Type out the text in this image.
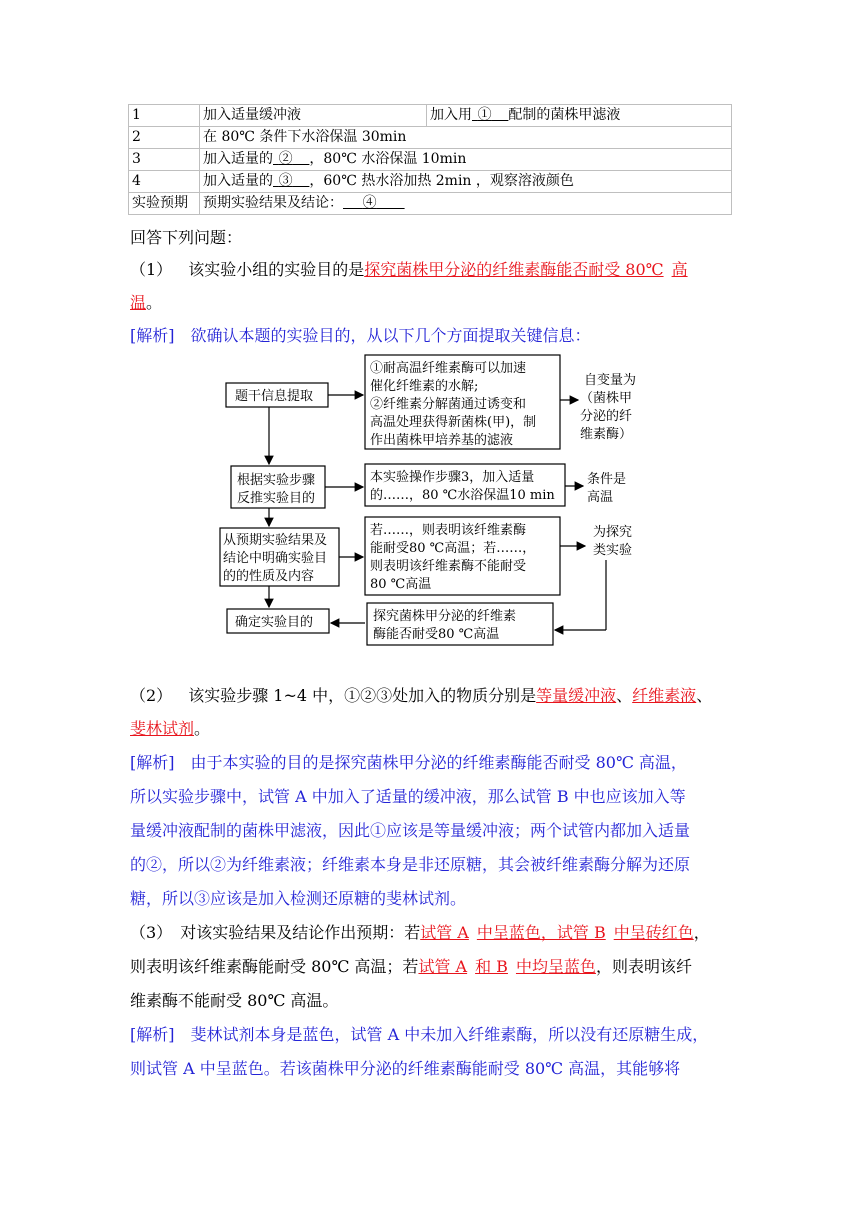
1	加入适量缓冲液	加入用   ①   配制的菌株甲滤液
2	在 80℃ 条件下水浴保温 30min	
3	加入适量的   ②   ，80℃ 水浴保温 10min	
4	加入适量的   ③   ，60℃ 热水浴加热 2min ，观察溶液颜色	
实验预期	预期实验结果及结论：    ④	  
回答下列问题：
（1）  该实验小组的实验目的是探究菌株甲分泌的纤维素酶能否耐受 80℃  高
温。
[解析]  欲确认本题的实验目的，从以下几个方面提取关键信息：
题干信息提取
根据实验步骤
反推实验目的
从预期实验结果及
结论中明确实验目
的的性质及内容
确定实验目的
①耐高温纤维素酶可以加速
催化纤维素的水解;
②纤维素分解菌通过诱变和
高温处理获得新菌株(甲)，制
作出菌株甲培养基的滤液
本实验操作步骤3，加入适量
的……，80 ℃水浴保温10 min
若……，则表明该纤维素酶
能耐受80 ℃高温；若……，
则表明该纤维素酶不能耐受
80 ℃高温
探究菌株甲分泌的纤维素
酶能否耐受80 ℃高温
自变量为
（菌株甲
分泌的纤
维素酶）
条件是
高温
为探究
类实验
（2）  该实验步骤 1~4 中，①②③处加入的物质分别是等量缓冲液、纤维素液、
斐林试剂。
[解析]  由于本实验的目的是探究菌株甲分泌的纤维素酶能否耐受 80℃ 高温，
所以实验步骤中，试管 A 中加入了适量的缓冲液，那么试管 B 中也应该加入等
量缓冲液配制的菌株甲滤液，因此①应该是等量缓冲液；两个试管内都加入适量
的②，所以②为纤维素液；纤维素本身是非还原糖，其会被纤维素酶分解为还原
糖，所以③应该是加入检测还原糖的斐林试剂。
（3）  对该实验结果及结论作出预期：若试管 A  中呈蓝色，试管 B  中呈砖红色，
则表明该纤维素酶能耐受 80℃ 高温；若试管 A  和 B  中均呈蓝色，则表明该纤
维素酶不能耐受 80℃ 高温。
[解析]  斐林试剂本身是蓝色，试管 A 中未加入纤维素酶，所以没有还原糖生成，
则试管 A 中呈蓝色。若该菌株甲分泌的纤维素酶能耐受 80℃ 高温，其能够将
